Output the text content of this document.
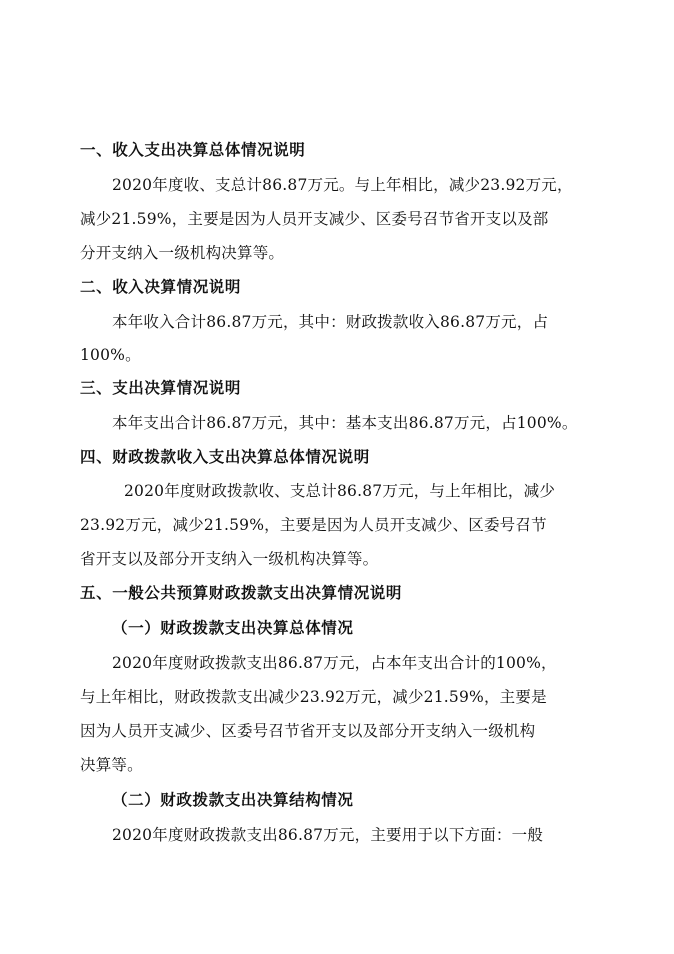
一、收入支出决算总体情况说明
2020年度收、支总计86.87万元。与上年相比，减少23.92万元，
减少21.59%，主要是因为人员开支减少、区委号召节省开支以及部
分开支纳入一级机构决算等。
二、收入决算情况说明
本年收入合计86.87万元，其中：财政拨款收入86.87万元，占
100%。
三、支出决算情况说明
本年支出合计86.87万元，其中：基本支出86.87万元，占100%。
四、财政拨款收入支出决算总体情况说明
2020年度财政拨款收、支总计86.87万元，与上年相比，减少
23.92万元，减少21.59%，主要是因为人员开支减少、区委号召节
省开支以及部分开支纳入一级机构决算等。
五、一般公共预算财政拨款支出决算情况说明
（一）财政拨款支出决算总体情况
2020年度财政拨款支出86.87万元，占本年支出合计的100%，
与上年相比，财政拨款支出减少23.92万元，减少21.59%，主要是
因为人员开支减少、区委号召节省开支以及部分开支纳入一级机构
决算等。
（二）财政拨款支出决算结构情况
2020年度财政拨款支出86.87万元，主要用于以下方面：一般
